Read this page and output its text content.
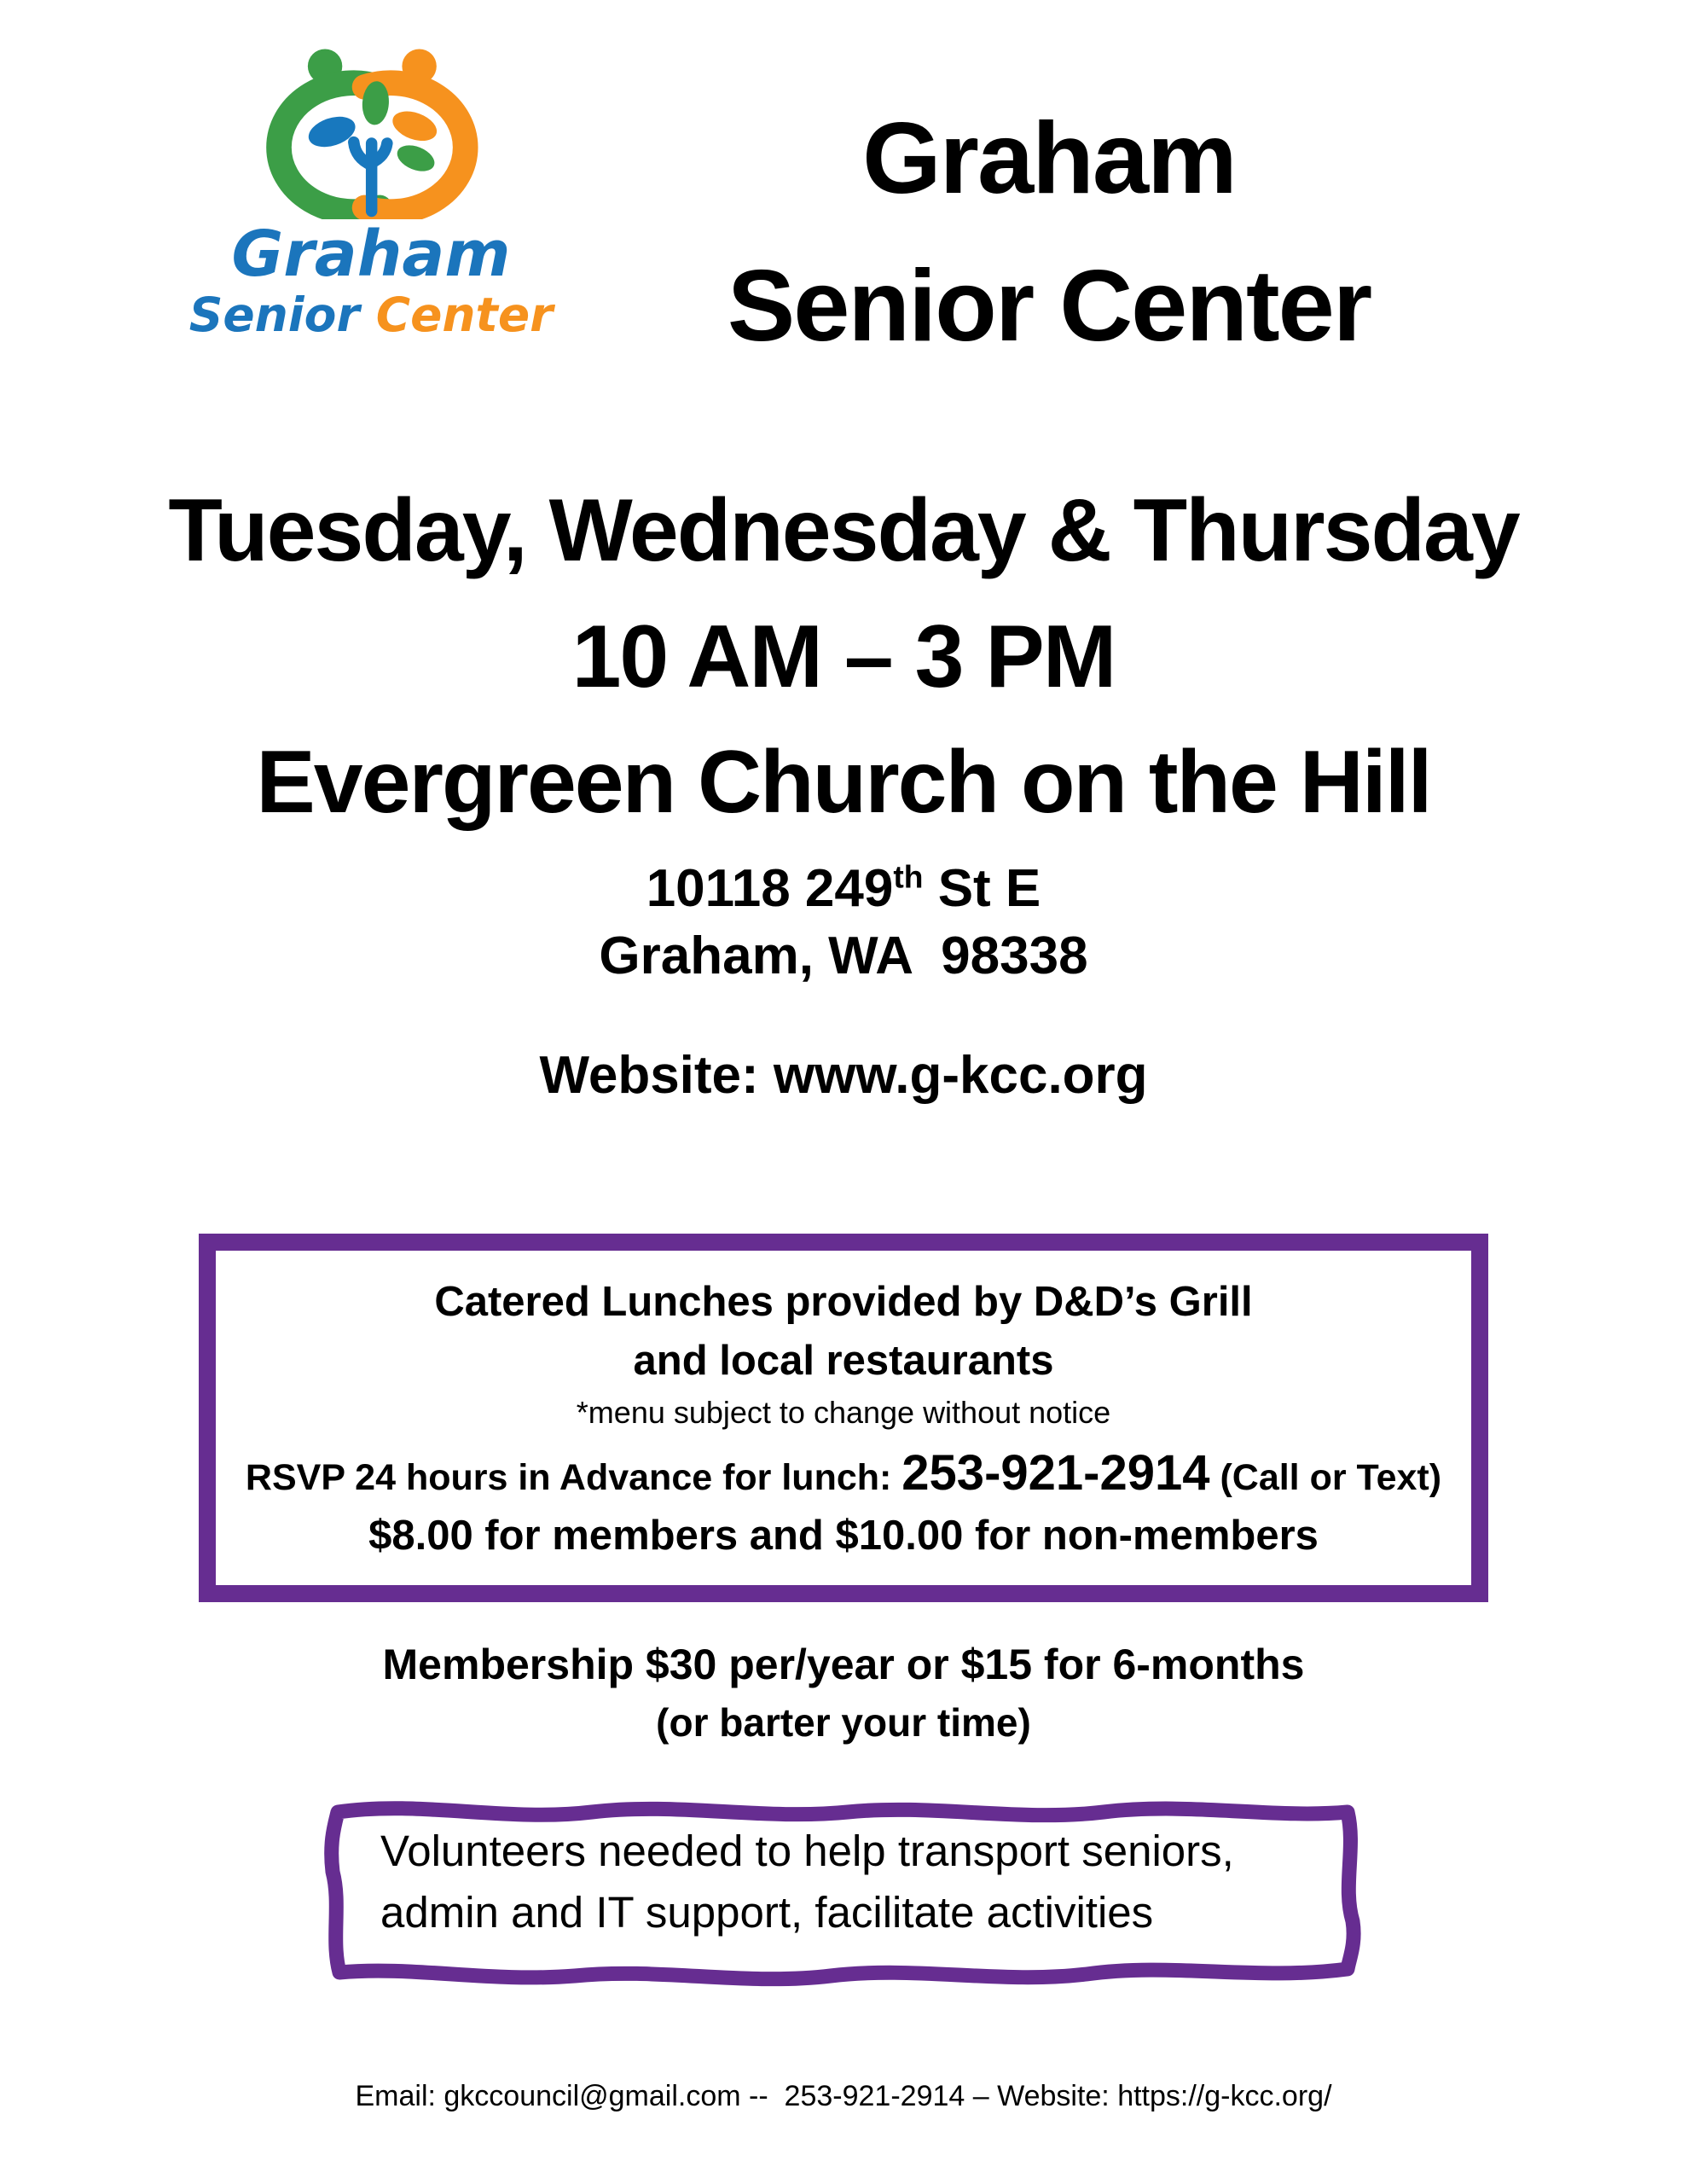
Graham
Senior Center
Graham
Senior Center
Tuesday, Wednesday & Thursday
10 AM – 3 PM
Evergreen Church on the Hill
10118 249th St E
Graham, WA  98338
Website: www.g-kcc.org
Catered Lunches provided by D&D’s Grill
and local restaurants
*menu subject to change without notice
RSVP 24 hours in Advance for lunch: 253-921-2914 (Call or Text)
$8.00 for members and $10.00 for non-members
Membership $30 per/year or $15 for 6-months
(or barter your time)
Volunteers needed to help transport seniors,
admin and IT support, facilitate activities
Email: gkccouncil@gmail.com --  253-921-2914 – Website: https://g-kcc.org/
